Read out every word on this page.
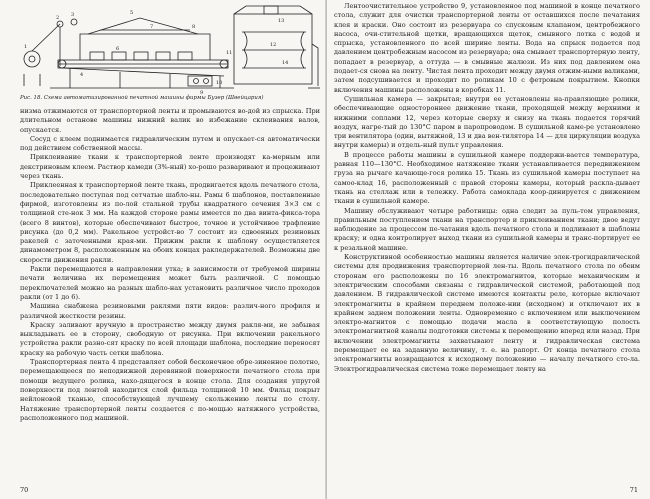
1
2 3
4
5
6
7	8
9
10
11
12
13
14
Рис. 18. Схема автоматизированной печатной машины фирмы Бузер (Швейцария)

низма отжимаются от транспортерной ленты и промываются во-дой из спрыска. При длительном останове машины нижний валик во избежание склеивания валов, опускается.

Сосуд с клеем поднимается гидравлическим путем и опускает-ся автоматически под действием собственной массы.

Приклеивание ткани к транспортерной ленте производят ка-мерным или декстриновым клеем. Раствор камеди (3%-ный) хо-рошо разваривают и процеживают через ткань.

Приклеенная к транспортерной ленте ткань, продвигается вдоль печатного стола, последовательно поступая под сетчатые шабло-ны. Рамы 6 шаблонов, поставленные фирмой, изготовлены из по-лой стальной трубы квадратного сечения 3×3 см с толщиной сте-нок 3 мм. На каждой стороне рамы имеется по два винта-фикса-тора (всего 8 винтов), которые обеспечивают быстрое, точное и устойчивое трафление рисунка (до 0,2 мм). Ракельное устройст-во 7 состоит из сдвоенных резиновых ракелей с заточенными края-ми. Прижим ракли к шаблону осуществляется динамометром 8, расположенным на обоих концах ракледержателей. Возможны две скорости движения ракли.

Ракли перемещаются в направлении утка; в зависимости от требуемой ширины печати величина их перемещения может быть различной. С помощью переключателей можно на разных шабло-нах установить различное число проходов ракли (от 1 до 6).

Машина снабжена резиновыми раклями пяти видов: различ-ного профиля и различной жесткости резины.

Краску заливают вручную в пространство между двумя ракля-ми, не забывая выкладывать ее в сторону, свободную от рисунка. При включении ракельного устройства ракли разно-сят краску по всей площади шаблона, последние переносят краску на рабочую часть сетки шаблона.

Транспортерная лента 4 представляет собой бесконечное обре-зиненное полотно, перемещающееся по неподвижной деревянной поверхности печатного стола при помощи ведущего ролика, нахо-дящегося в конце стола. Для создания упругой поверхности под лентой находится слой фильца толщиной 10 мм. Фильц покрыт нейлоновой тканью, способствующей лучшему скольжению ленты по столу. Натяжение транспортерной ленты создается с по-мощью натяжного устройства, расположенного под машиной.

70

Лентоочистительное устройство 9, установленное под машиной в конце печатного стола, служит для очистки транспортерной ленты от оставшихся после печатания клея и краски. Оно состоит из резервуара со спусковым клапаном, центробежного насоса, очи-стительной щетки, вращающихся щеток, смывного лотка с водой и спрыска, установленного по всей ширине ленты. Вода на спрыск подается под давлением центробежным насосом из резервуара; она смывает транспортерную ленту, попадает в резервуар, а оттуда — в смывные жалюзи. Из них под давлением она подает-ся снова на ленту. Чистая лента проходит между двумя отжим-ными валиками, затем подсушивается и проходит по роликам 10 с фетровым покрытием. Кнопки включения машины расположены в коробках 11.

Сушильная камера — закрытая; внутри ее установлены на-правляющие ролики, обеспечивающие одностороннее движение ткани, проходящей между верхними и нижними соплами 12, через которые сверху и снизу на ткань подается горячий воздух, нагре-тый до 130°С паром в паропроводом. В сушильной каме-ре установлено три вентилятора (один, вытяжной, 13 и два вен-тилятора 14 — для циркуляции воздуха внутри камеры) и отдель-ный пульт управления.

В процессе работы машины в сушильной камере поддержи-вается температура, равная 110—130°С. Необходимое натяжение ткани устанавливается передвижением груза на рычаге качающе-гося ролика 15. Ткань из сушильной камеры поступает на самоо-клад 16, расположенный с правой стороны камеры, который раскла-дывает ткань на стеллаж или в тележку. Работа самоклада коор-динируется с движением ткани в сушильной камере.

Машину обслуживают четыре работницы: одна следит за пуль-том управления, правильным поступлением ткани на транспортер и приклеиванием ткани; двое ведут наблюдение за процессом пе-чатания вдоль печатного стола и подливают в шаблоны краску; и одна контролирует выход ткани из сушильной камеры и транс-портирует ее к резальной машине.

Конструктивной особенностью машины является наличие элек-трогидравлической системы для продвижения транспортерной лен-ты. Вдоль печатного стола по обеим сторонам его расположены по 16 электромагнитов, которые механическим и электрическим способами связаны с гидравлической системой, работающей под давлением. В гидравлической системе имеются контакты реле, которые включают электромагниты в крайнем переднем положе-нии (исходном) и отключают их в крайнем заднем положении ленты. Одновременно с включением или выключением электро-магнитов с помощью подачи масла в соответствующую полость электромагнитной каналы подготовки системы к перемещению вперед или назад. При включении электромагниты захватывают ленту и гидравлическая система перемещает ее на заданную величину, т. е. на рапорт. От конца печатного стола электромагниты возвращаются к исходному положению — началу печатного сто-ла. Электрогидравлическая система тоже перемещает ленту на

71
